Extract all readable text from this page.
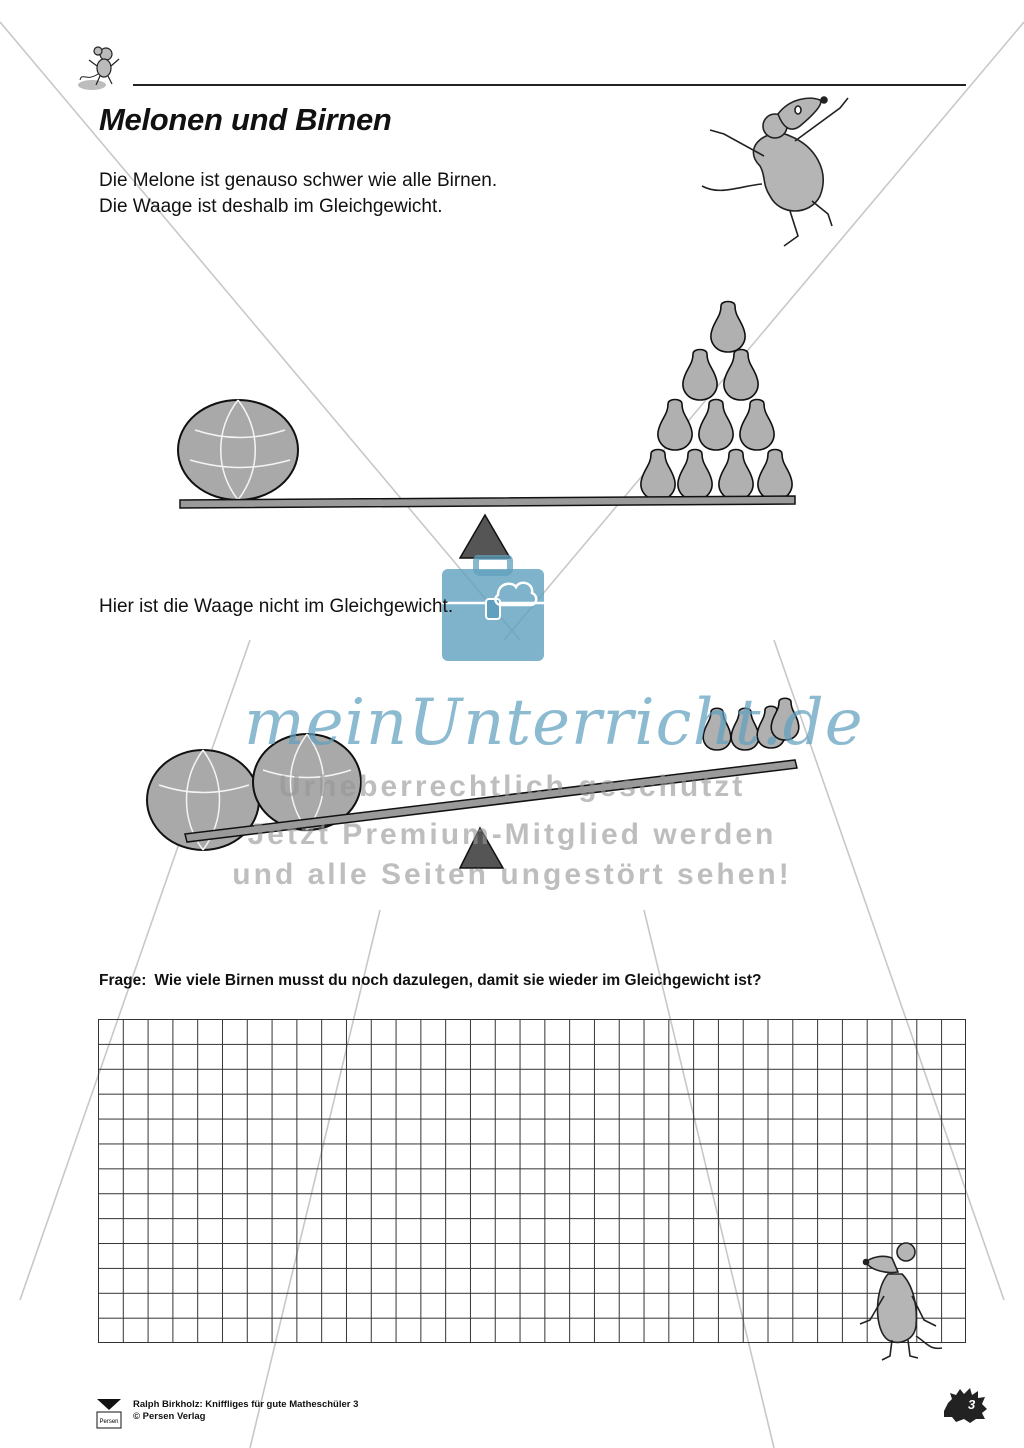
Melonen und Birnen
Die Melone ist genauso schwer wie alle Birnen.
Die Waage ist deshalb im Gleichgewicht.
Hier ist die Waage nicht im Gleichgewicht.
meinUnterricht.de
Urheberrechtlich geschützt
Jetzt Premium-Mitglied werden
und alle Seiten ungestört sehen!
Frage: Wie viele Birnen musst du noch dazulegen, damit sie wieder im Gleichgewicht ist?
Persen
Ralph Birkholz: Kniffliges für gute Matheschüler 3
© Persen Verlag
3
